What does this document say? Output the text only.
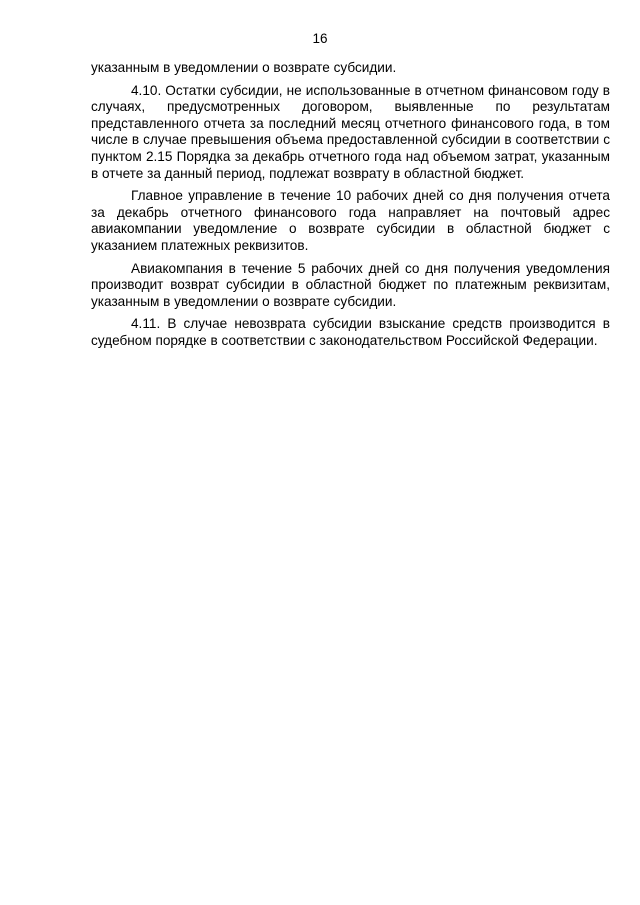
16

указанным в уведомлении о возврате субсидии.

4.10. Остатки субсидии, не использованные в отчетном финансовом году в случаях, предусмотренных договором, выявленные по результатам представленного отчета за последний месяц отчетного финансового года, в том числе в случае превышения объема предоставленной субсидии в соответствии с пунктом 2.15 Порядка за декабрь отчетного года над объемом затрат, указанным в отчете за данный период, подлежат возврату в областной бюджет.

Главное управление в течение 10 рабочих дней со дня получения отчета за декабрь отчетного финансового года направляет на почтовый адрес авиакомпании уведомление о возврате субсидии в областной бюджет с указанием платежных реквизитов.

Авиакомпания в течение 5 рабочих дней со дня получения уведомления производит возврат субсидии в областной бюджет по платежным реквизитам, указанным в уведомлении о возврате субсидии.

4.11. В случае невозврата субсидии взыскание средств производится в судебном порядке в соответствии с законодательством Российской Федерации.
